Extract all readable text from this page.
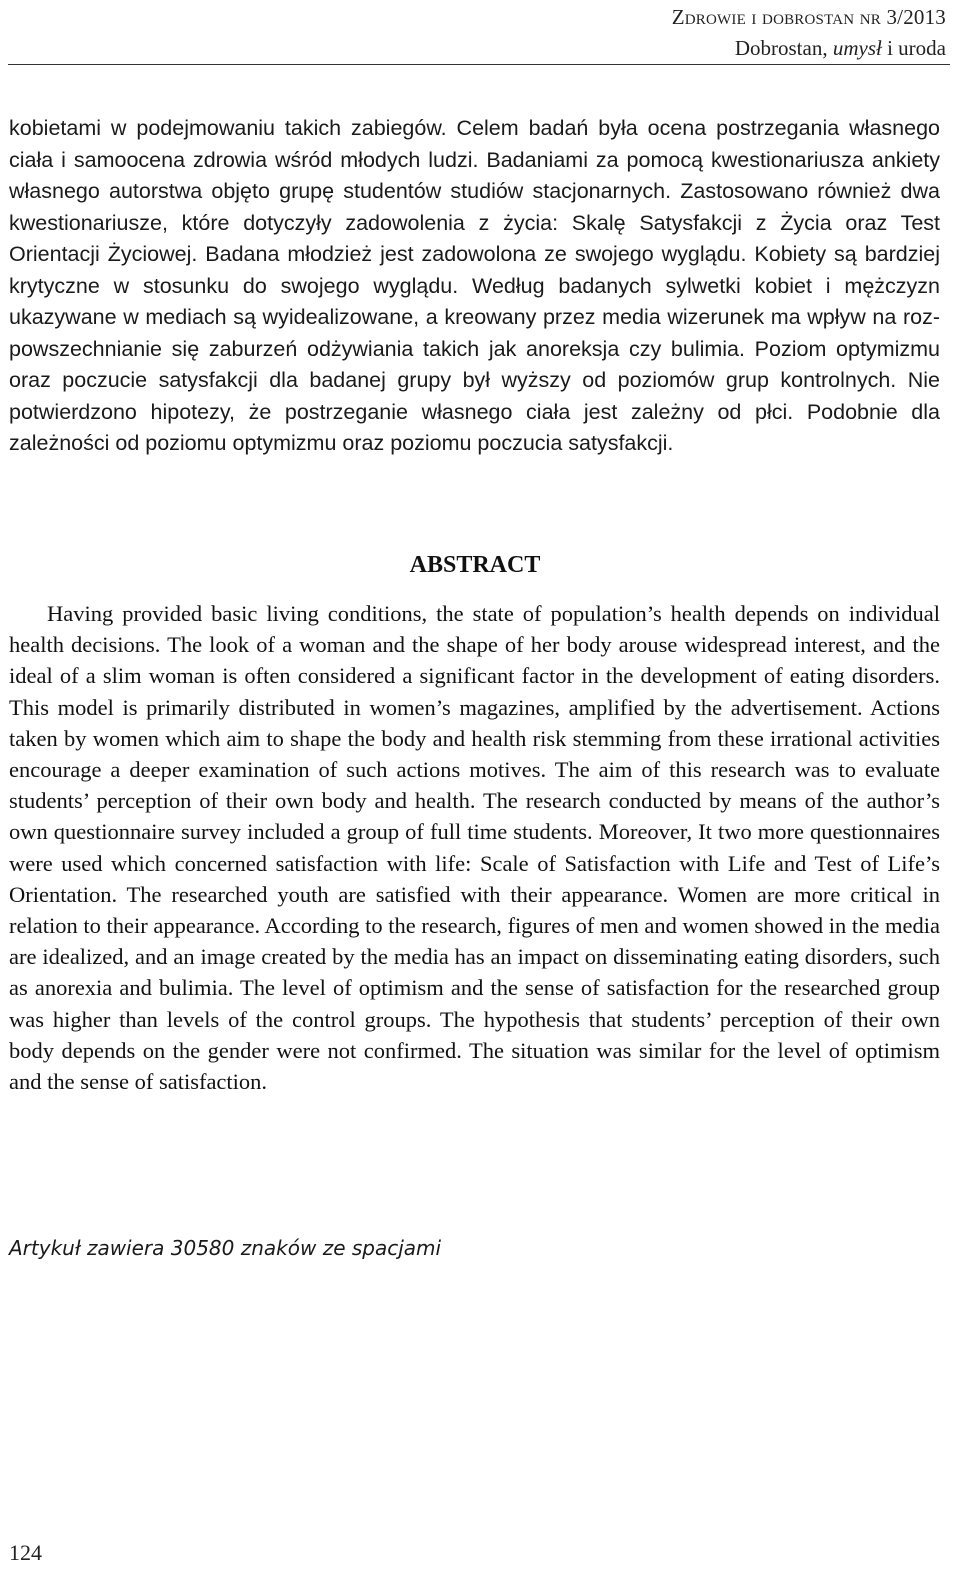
Zdrowie i dobrostan nr 3/2013
Dobrostan, umysł i uroda

kobietami w podejmowaniu takich zabiegów. Celem badań była ocena postrzegania własnego ciała i samoocena zdrowia wśród młodych ludzi. Badaniami za pomocą kwestionariusza ankiety własnego autorstwa objęto grupę studentów studiów stacjonarnych. Zastosowano również dwa kwestionariusze, które dotyczyły zadowolenia z życia: Skalę Satysfakcji z Życia oraz Test Orientacji Życiowej. Badana młodzież jest zadowolona ze swojego wyglądu. Kobiety są bardziej krytyczne w stosunku do swojego wyglądu. Według badanych sylwetki kobiet i mężczyzn ukazywane w mediach są wyidealizowane, a kreowany przez media wizerunek ma wpływ na rozpowszechnianie się zaburzeń odżywiania takich jak anoreksja czy bulimia. Poziom optymizmu oraz poczucie satysfakcji dla badanej grupy był wyższy od poziomów grup kontrolnych. Nie potwierdzono hipotezy, że postrzeganie własnego ciała jest zależny od płci. Podobnie dla zależności od poziomu optymizmu oraz poziomu poczucia satysfakcji.

ABSTRACT

Having provided basic living conditions, the state of population’s health depends on individual health decisions. The look of a woman and the shape of her body arouse widespread interest, and the ideal of a slim woman is often considered a significant factor in the development of eating disorders. This model is primarily distributed in women’s magazines, amplified by the advertisement. Actions taken by women which aim to shape the body and health risk stemming from these irrational activities encourage a deeper examination of such actions motives. The aim of this research was to evaluate students’ perception of their own body and health. The research conducted by means of the author’s own questionnaire survey included a group of full time students. Moreover, It two more questionnaires were used which concerned satisfaction with life: Scale of Satisfaction with Life and Test of Life’s Orientation. The researched youth are satisfied with their appearance. Women are more critical in relation to their appearance. According to the research, figures of men and women showed in the media are idealized, and an image created by the media has an impact on disseminating eating disorders, such as anorexia and bulimia. The level of optimism and the sense of satisfaction for the researched group was higher than levels of the control groups. The hypothesis that students’ perception of their own body depends on the gender were not confirmed. The situation was similar for the level of optimism and the sense of satisfaction.

Artykuł zawiera 30580 znaków ze spacjami

124
